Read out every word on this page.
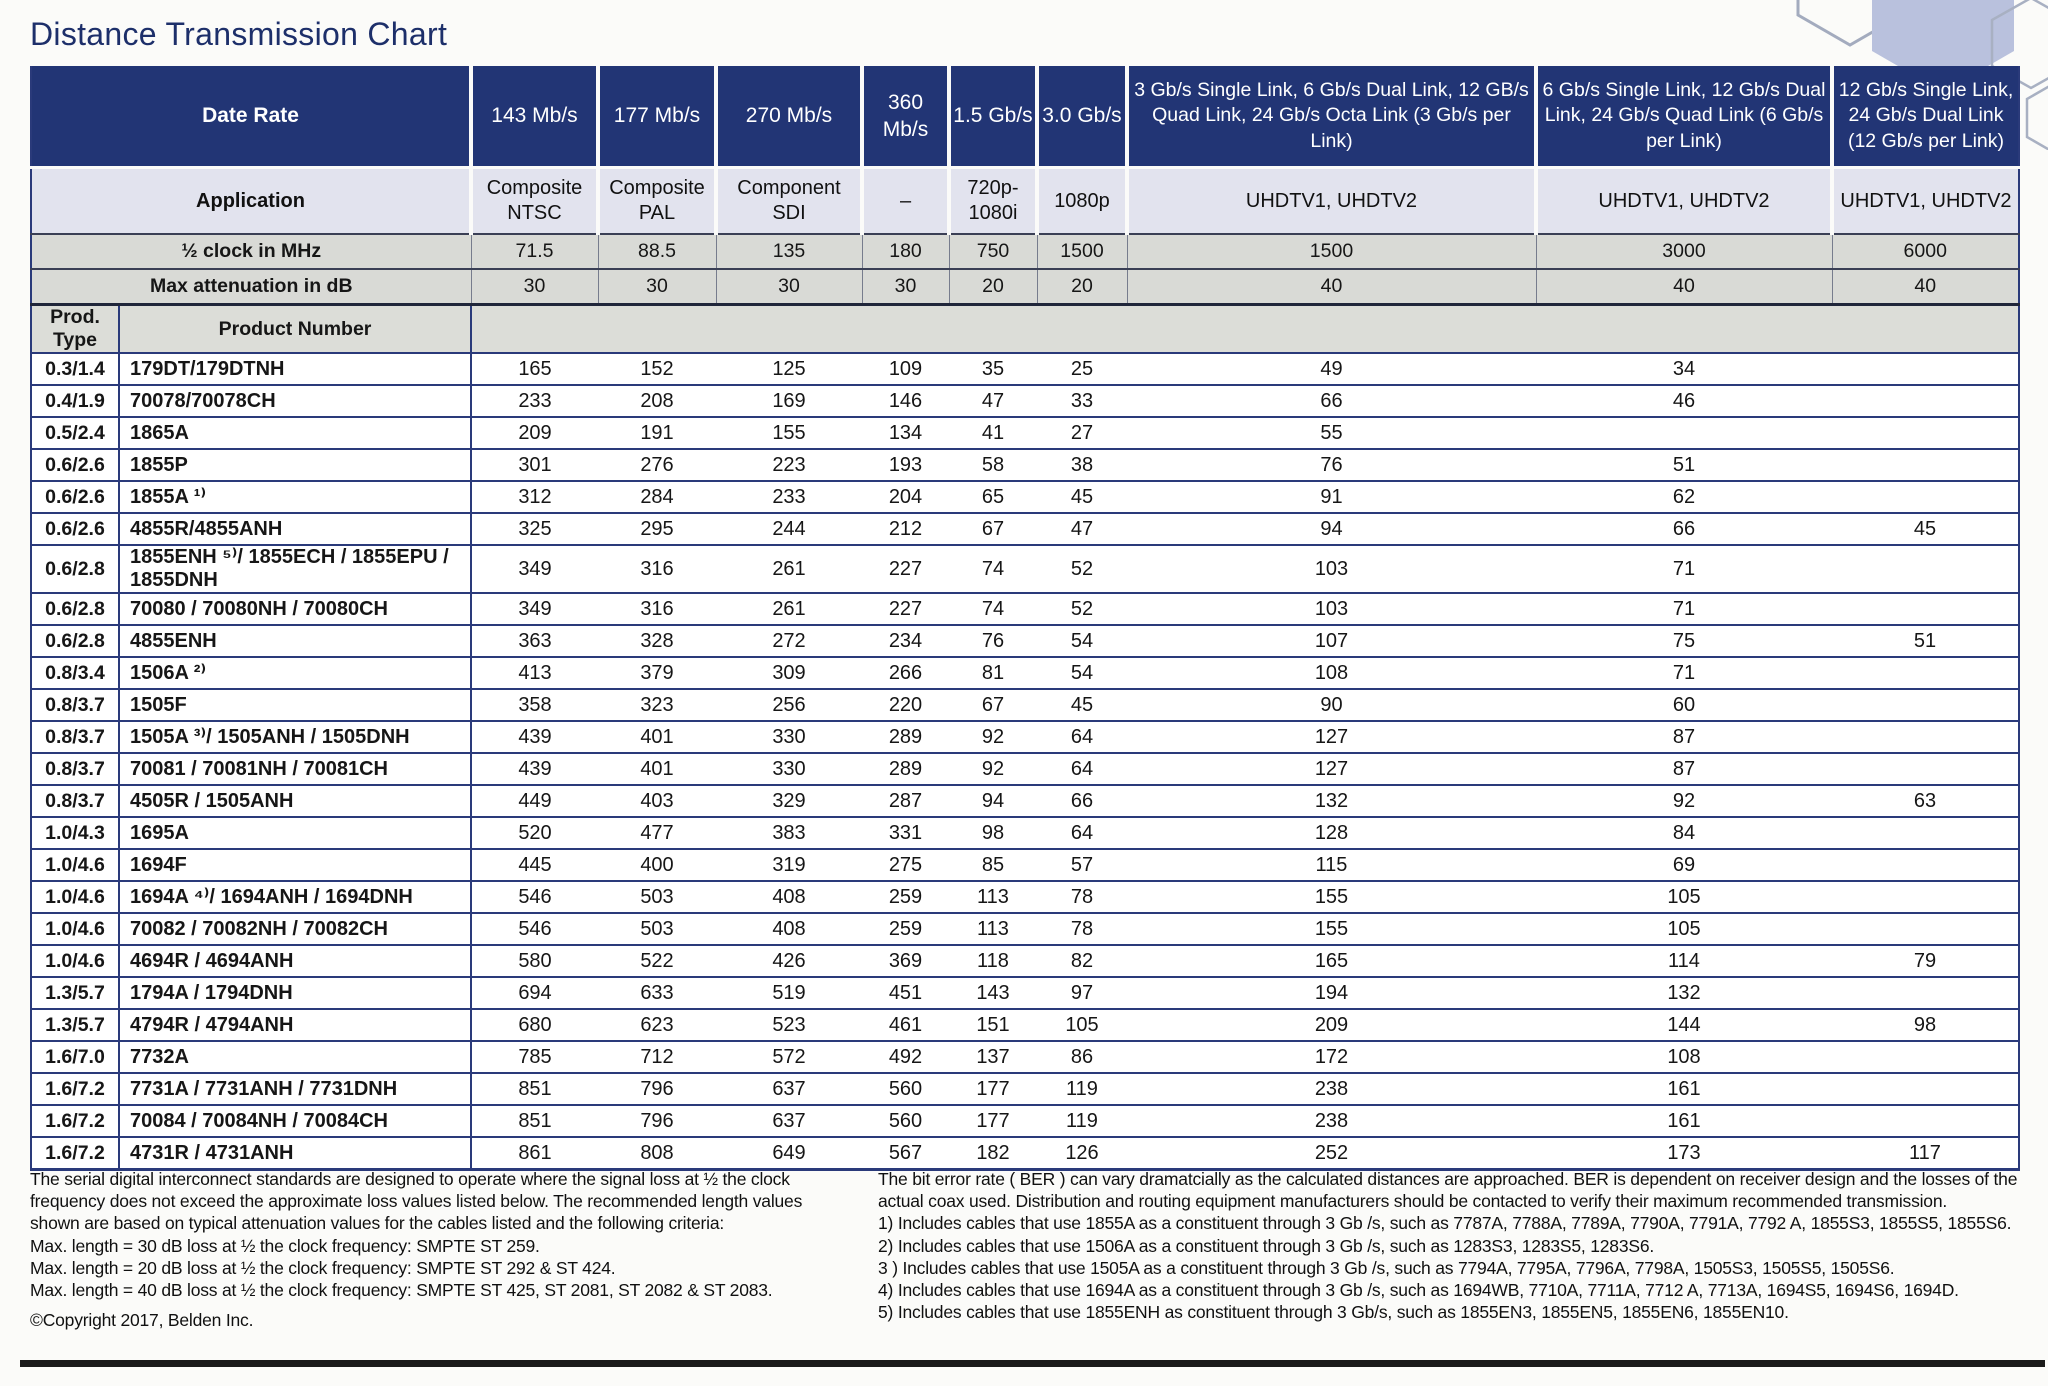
Distance Transmission Chart
Date Rate		143 Mb/s	177 Mb/s	270 Mb/s	360 Mb/s	1.5 Gb/s	3.0 Gb/s	3 Gb/s Single Link, 6 Gb/s Dual Link, 12 GB/s Quad Link, 24 Gb/s Octa Link (3 Gb/s per Link)	6 Gb/s Single Link, 12 Gb/s Dual Link, 24 Gb/s Quad Link (6 Gb/s per Link)	12 Gb/s Single Link, 24 Gb/s Dual Link (12 Gb/s per Link)
Application		Composite NTSC	Composite PAL	Component SDI	–	720p-1080i	1080p	UHDTV1, UHDTV2	UHDTV1, UHDTV2	UHDTV1, UHDTV2
½ clock in MHz		71.5	88.5	135	180	750	1500	1500	3000	6000
Max attenuation in dB		30	30	30	30	20	20	40	40	40
Prod. Type	Product Number									
0.3/1.4	179DT/179DTNH	165	152	125	109	35	25	49	34	
0.4/1.9	70078/70078CH	233	208	169	146	47	33	66	46	
0.5/2.4	1865A	209	191	155	134	41	27	55		
0.6/2.6	1855P	301	276	223	193	58	38	76	51	
0.6/2.6	1855A ¹⁾	312	284	233	204	65	45	91	62	
0.6/2.6	4855R/4855ANH	325	295	244	212	67	47	94	66	45
0.6/2.8	1855ENH ⁵⁾/ 1855ECH / 1855EPU / 1855DNH	349	316	261	227	74	52	103	71	
0.6/2.8	70080 / 70080NH / 70080CH	349	316	261	227	74	52	103	71	
0.6/2.8	4855ENH	363	328	272	234	76	54	107	75	51
0.8/3.4	1506A ²⁾	413	379	309	266	81	54	108	71	
0.8/3.7	1505F	358	323	256	220	67	45	90	60	
0.8/3.7	1505A ³⁾/ 1505ANH / 1505DNH	439	401	330	289	92	64	127	87	
0.8/3.7	70081 / 70081NH / 70081CH	439	401	330	289	92	64	127	87	
0.8/3.7	4505R / 1505ANH	449	403	329	287	94	66	132	92	63
1.0/4.3	1695A	520	477	383	331	98	64	128	84	
1.0/4.6	1694F	445	400	319	275	85	57	115	69	
1.0/4.6	1694A ⁴⁾/ 1694ANH / 1694DNH	546	503	408	259	113	78	155	105	
1.0/4.6	70082 / 70082NH / 70082CH	546	503	408	259	113	78	155	105	
1.0/4.6	4694R / 4694ANH	580	522	426	369	118	82	165	114	79
1.3/5.7	1794A / 1794DNH	694	633	519	451	143	97	194	132	
1.3/5.7	4794R / 4794ANH	680	623	523	461	151	105	209	144	98
1.6/7.0	7732A	785	712	572	492	137	86	172	108	
1.6/7.2	7731A / 7731ANH / 7731DNH	851	796	637	560	177	119	238	161	
1.6/7.2	70084 / 70084NH / 70084CH	851	796	637	560	177	119	238	161	
1.6/7.2	4731R / 4731ANH	861	808	649	567	182	126	252	173	117

The serial digital interconnect standards are designed to operate where the signal loss at ½ the clock frequency does not exceed the approximate loss values listed below. The recommended length values shown are based on typical attenuation values for the cables listed and the following criteria:

Max. length = 30 dB loss at ½ the clock frequency: SMPTE ST 259.

Max. length = 20 dB loss at ½ the clock frequency: SMPTE ST 292 & ST 424.

Max. length = 40 dB loss at ½ the clock frequency: SMPTE ST 425, ST 2081, ST 2082 & ST 2083.

©Copyright 2017, Belden Inc.

The bit error rate ( BER ) can vary dramatcially as the calculated distances are approached. BER is dependent on receiver design and the losses of the actual coax used. Distribution and routing equipment manufacturers should be contacted to verify their maximum recommended transmission.

1) Includes cables that use 1855A as a constituent through 3 Gb /s, such as 7787A, 7788A, 7789A, 7790A, 7791A, 7792 A, 1855S3, 1855S5, 1855S6.

2) Includes cables that use 1506A as a constituent through 3 Gb /s, such as 1283S3, 1283S5, 1283S6.

3 ) Includes cables that use 1505A as a constituent through 3 Gb /s, such as 7794A, 7795A, 7796A, 7798A, 1505S3, 1505S5, 1505S6.

4) Includes cables that use 1694A as a constituent through 3 Gb /s, such as 1694WB, 7710A, 7711A, 7712 A, 7713A, 1694S5, 1694S6, 1694D.

5) Includes cables that use 1855ENH as constituent through 3 Gb/s, such as 1855EN3, 1855EN5, 1855EN6, 1855EN10.
